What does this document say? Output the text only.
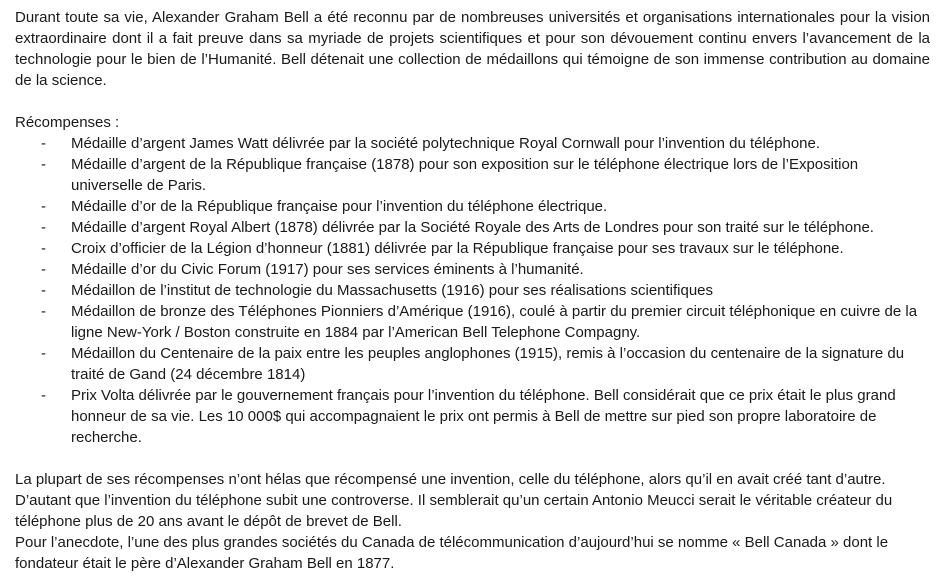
Durant toute sa vie, Alexander Graham Bell a été reconnu par de nombreuses universités et organisations internationales pour la vision extraordinaire dont il a fait preuve dans sa myriade de projets scientifiques et pour son dévouement continu envers l’avancement de la technologie pour le bien de l’Humanité. Bell détenait une collection de médaillons qui témoigne de son immense contribution au domaine de la science.

Récompenses :

- Médaille d’argent James Watt délivrée par la société polytechnique Royal Cornwall pour l’invention du téléphone.
- Médaille d’argent de la République française (1878) pour son exposition sur le téléphone électrique lors de l’Exposition universelle de Paris.
- Médaille d’or de la République française pour l’invention du téléphone électrique.
- Médaille d’argent Royal Albert (1878) délivrée par la Société Royale des Arts de Londres pour son traité sur le téléphone.
- Croix d’officier de la Légion d’honneur (1881) délivrée par la République française pour ses travaux sur le téléphone.
- Médaille d’or du Civic Forum (1917) pour ses services éminents à l’humanité.
- Médaillon de l’institut de technologie du Massachusetts (1916) pour ses réalisations scientifiques
- Médaillon de bronze des Téléphones Pionniers d’Amérique (1916), coulé à partir du premier circuit téléphonique en cuivre de la ligne New-York / Boston construite en 1884 par l’American Bell Telephone Compagny.
- Médaillon du Centenaire de la paix entre les peuples anglophones (1915), remis à l’occasion du centenaire de la signature du traité de Gand (24 décembre 1814)
- Prix Volta délivrée par le gouvernement français pour l’invention du téléphone. Bell considérait que ce prix était le plus grand honneur de sa vie. Les 10 000$ qui accompagnaient le prix ont permis à Bell de mettre sur pied son propre laboratoire de recherche.

La plupart de ses récompenses n’ont hélas que récompensé une invention, celle du téléphone, alors qu’il en avait créé tant d’autre. D’autant que l’invention du téléphone subit une controverse. Il semblerait qu’un certain Antonio Meucci serait le véritable créateur du téléphone plus de 20 ans avant le dépôt de brevet de Bell.

Pour l’anecdote, l’une des plus grandes sociétés du Canada de télécommunication d’aujourd’hui se nomme « Bell Canada » dont le fondateur était le père d’Alexander Graham Bell en 1877.
